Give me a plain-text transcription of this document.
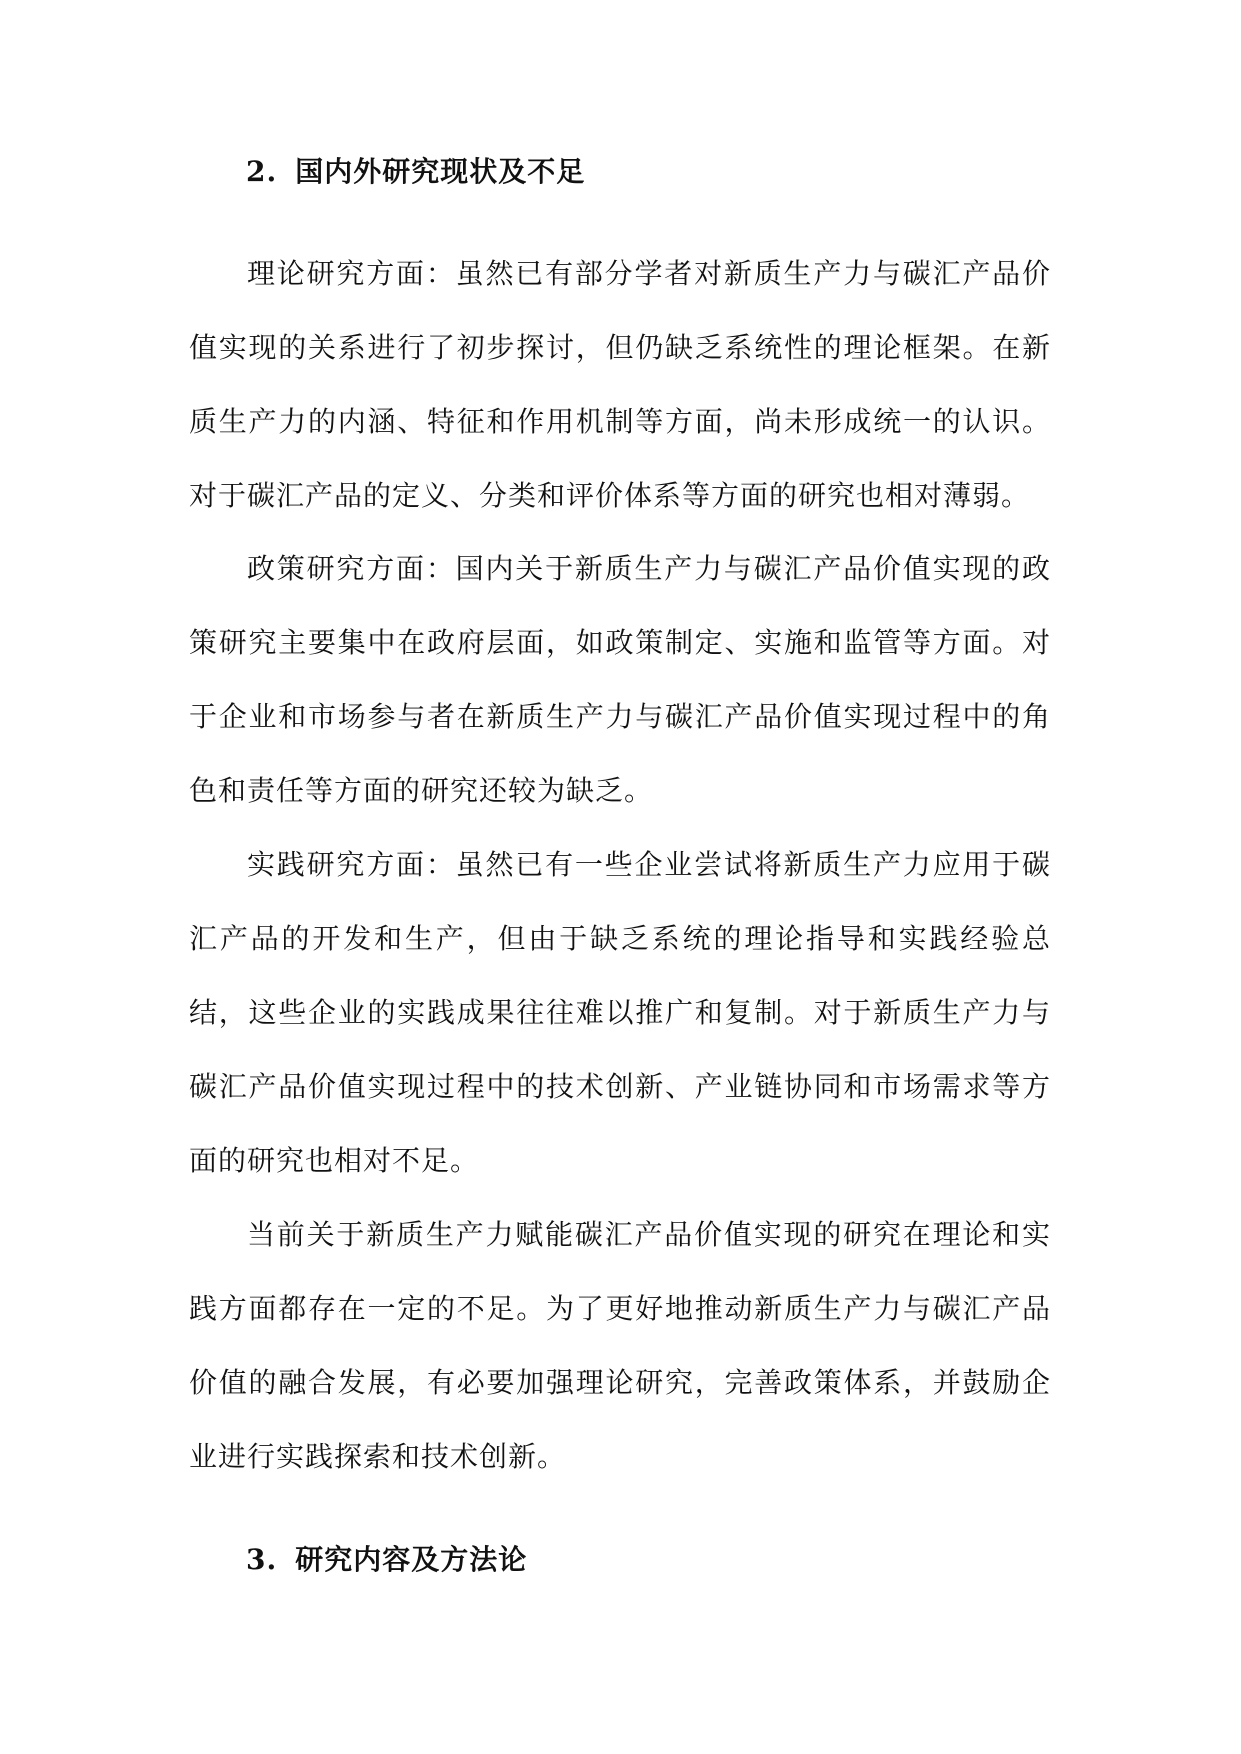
2. 国内外研究现状及不足

理论研究方面：虽然已有部分学者对新质生产力与碳汇产品价值实现的关系进行了初步探讨，但仍缺乏系统性的理论框架。在新质生产力的内涵、特征和作用机制等方面，尚未形成统一的认识。对于碳汇产品的定义、分类和评价体系等方面的研究也相对薄弱。

政策研究方面：国内关于新质生产力与碳汇产品价值实现的政策研究主要集中在政府层面，如政策制定、实施和监管等方面。对于企业和市场参与者在新质生产力与碳汇产品价值实现过程中的角色和责任等方面的研究还较为缺乏。

实践研究方面：虽然已有一些企业尝试将新质生产力应用于碳汇产品的开发和生产，但由于缺乏系统的理论指导和实践经验总结，这些企业的实践成果往往难以推广和复制。对于新质生产力与碳汇产品价值实现过程中的技术创新、产业链协同和市场需求等方面的研究也相对不足。

当前关于新质生产力赋能碳汇产品价值实现的研究在理论和实践方面都存在一定的不足。为了更好地推动新质生产力与碳汇产品价值的融合发展，有必要加强理论研究，完善政策体系，并鼓励企业进行实践探索和技术创新。

3. 研究内容及方法论
